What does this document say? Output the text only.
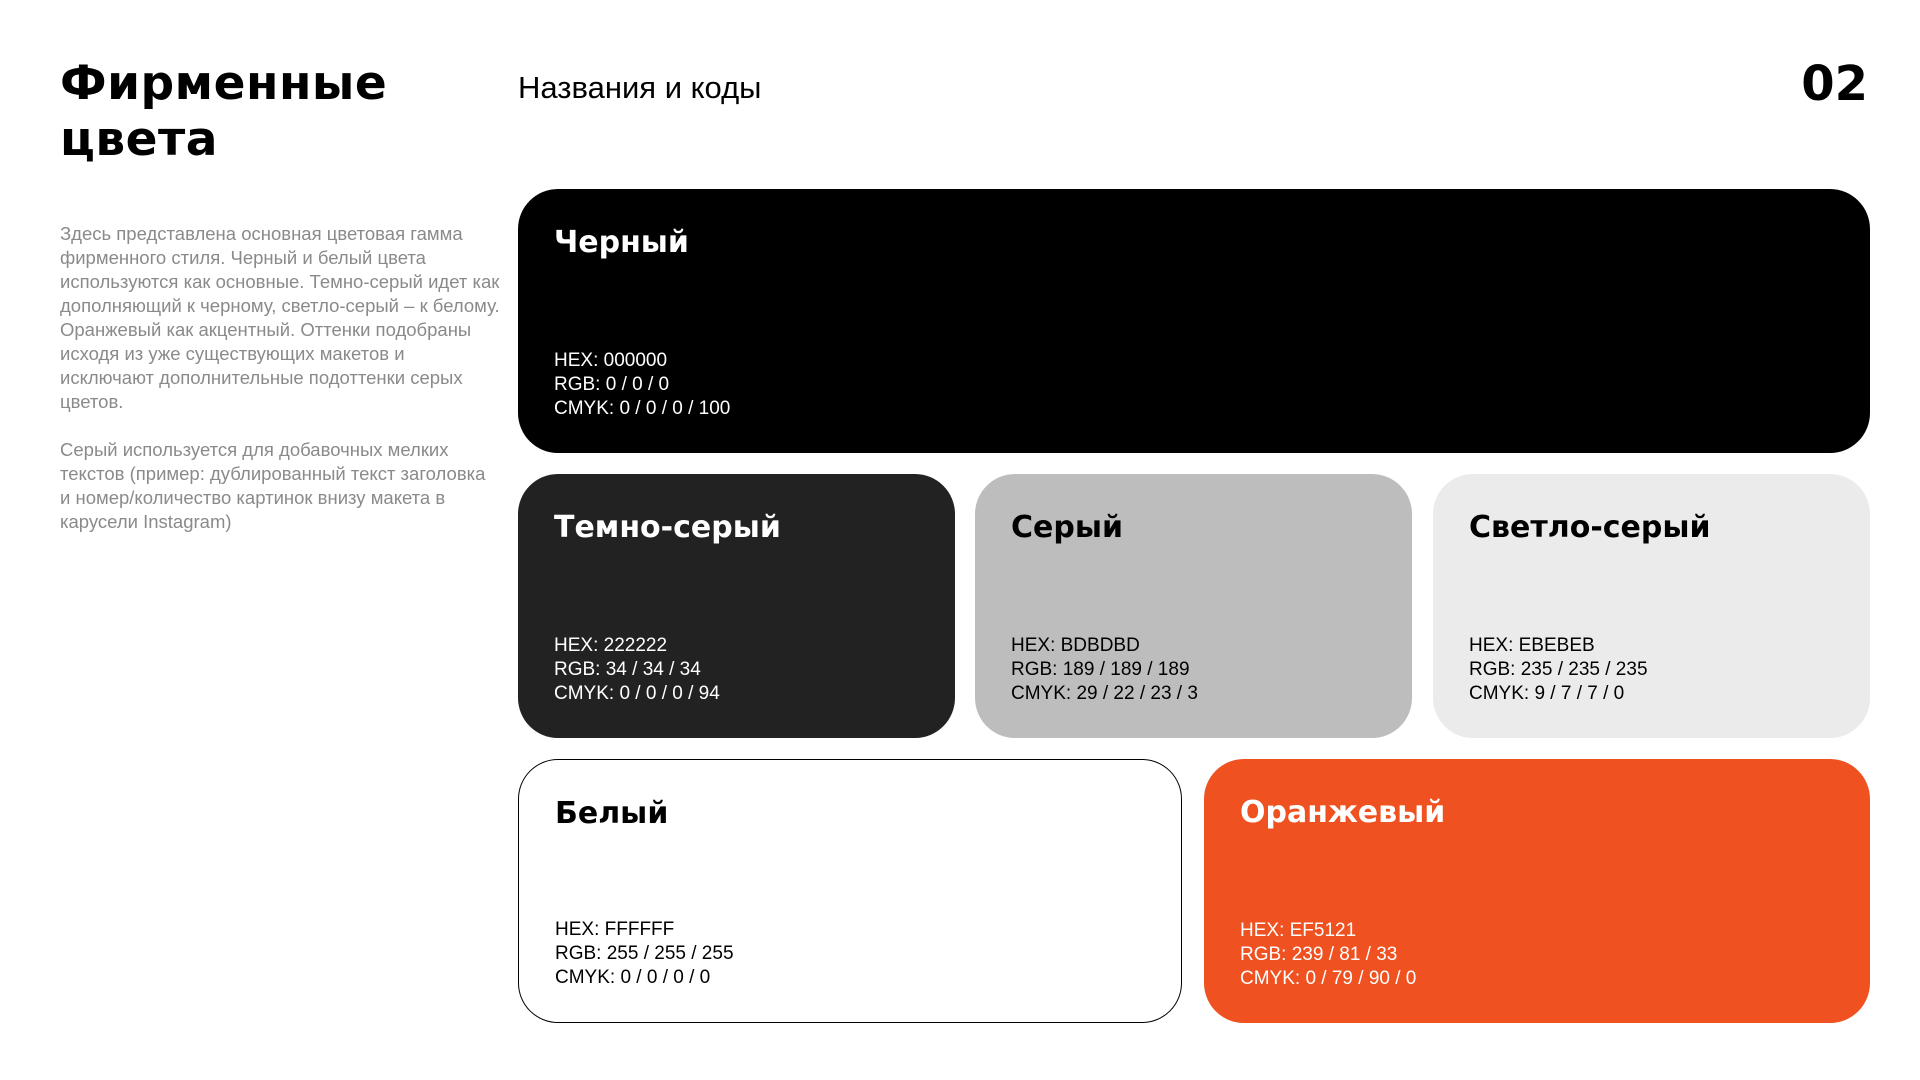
Фирменные цвета
Названия и коды	02

Здесь представлена основная цветовая гамма фирменного стиля. Черный и белый цвета используются как основные. Темно-серый идет как дополняющий к черному, светло-серый – к белому. Оранжевый как акцентный. Оттенки подобраны исходя из уже существующих макетов и исключают дополнительные подоттенки серых цветов.

Серый используется для добавочных мелких текстов (пример: дублированный текст заголовка и номер/количество картинок внизу макета в карусели Instagram)

Черный
HEX: 000000
RGB: 0 / 0 / 0
CMYK: 0 / 0 / 0 / 100
Темно-серый
HEX: 222222
RGB: 34 / 34 / 34
CMYK: 0 / 0 / 0 / 94
Серый
HEX: BDBDBD
RGB: 189 / 189 / 189
CMYK: 29 / 22 / 23 / 3
Светло-серый
HEX: EBEBEB
RGB: 235 / 235 / 235
CMYK: 9 / 7 / 7 / 0
Белый
HEX: FFFFFF
RGB: 255 / 255 / 255
CMYK: 0 / 0 / 0 / 0
Оранжевый
HEX: EF5121
RGB: 239 / 81 / 33
CMYK: 0 / 79 / 90 / 0
